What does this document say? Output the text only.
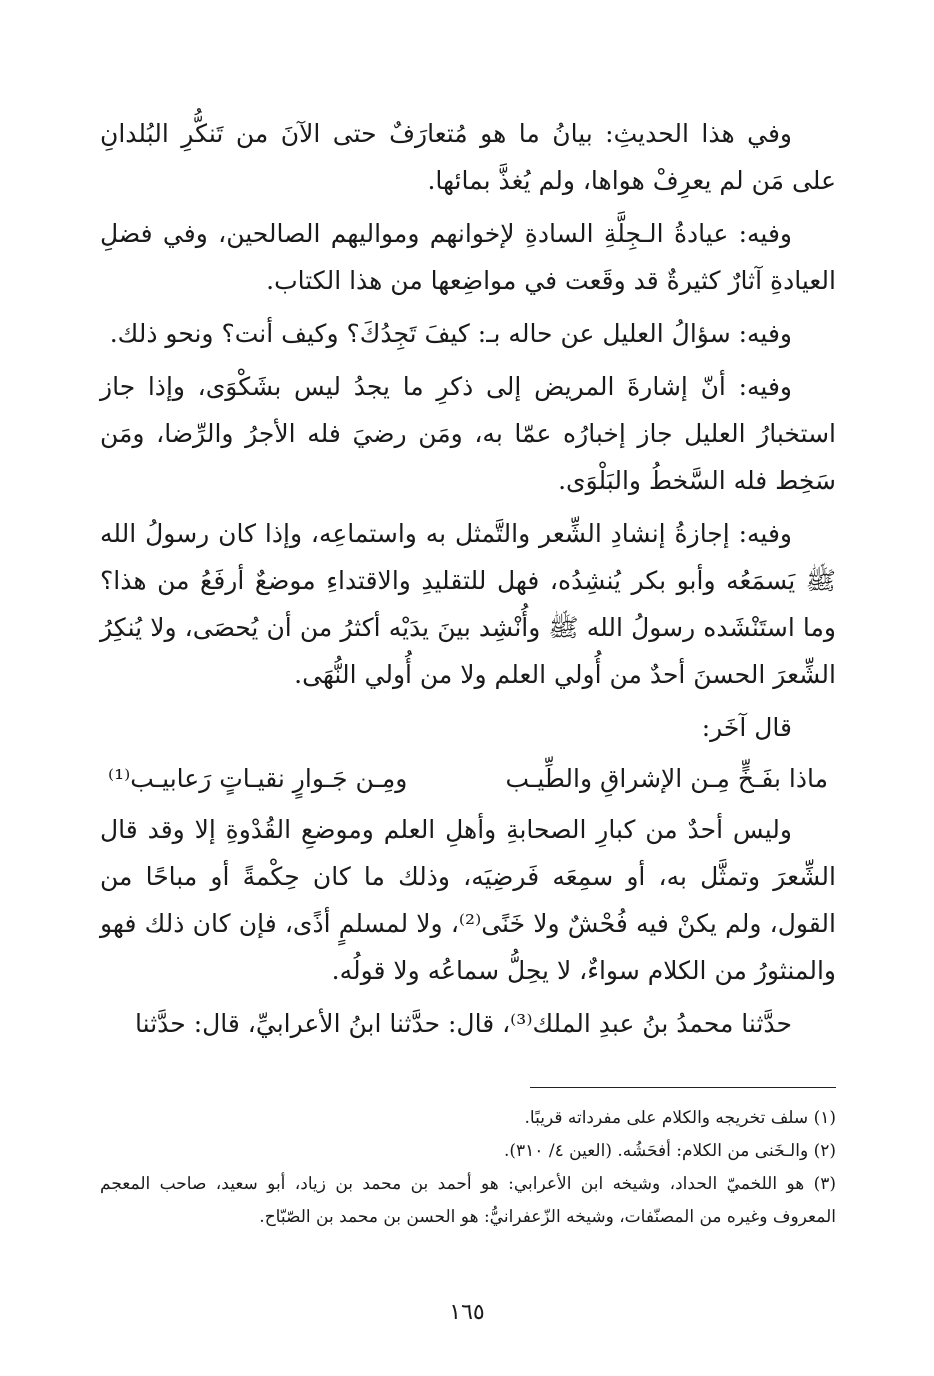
وفي هذا الحديثِ: بيانُ ما هو مُتعارَفٌ حتى الآنَ من تَنكُّرِ البُلدانِ على مَن لم يعرِفْ هواها، ولم يُغذَّ بمائها.

وفيه: عيادةُ الـجِلَّةِ السادةِ لإخوانهم ومواليهم الصالحين، وفي فضلِ العيادةِ آثارٌ كثيرةٌ قد وقَعت في مواضِعها من هذا الكتاب.

وفيه: سؤالُ العليل عن حاله بـ: كيفَ تَجِدُكَ؟ وكيف أنت؟ ونحو ذلك.

وفيه: أنّ إشارةَ المريض إلى ذكرِ ما يجدُ ليس بشَكْوَى، وإذا جاز استخبارُ العليل جاز إخبارُه عمّا به، ومَن رضيَ فله الأجرُ والرِّضا، ومَن سَخِط فله السَّخطُ والبَلْوَى.

وفيه: إجازةُ إنشادِ الشِّعر والتَّمثل به واستماعِه، وإذا كان رسولُ الله ﷺ يَسمَعُه وأبو بكر يُنشِدُه، فهل للتقليدِ والاقتداءِ موضعٌ أرفَعُ من هذا؟ وما استَنْشَده رسولُ الله ﷺ وأُنْشِد بينَ يدَيْه أكثرُ من أن يُحصَى، ولا يُنكِرُ الشِّعرَ الحسنَ أحدٌ من أُولي العلم ولا من أُولي النُّهَى.

قال آخَر:

ماذا بفَـخٍّ مِـن الإشراقِ والطِّيـب
ومِـن جَـوارٍ نقيـاتٍ رَعابيـب⁽¹⁾

وليس أحدٌ من كبارِ الصحابةِ وأهلِ العلم وموضعِ القُدْوةِ إلا وقد قال الشِّعرَ وتمثَّل به، أو سمِعَه فَرضِيَه، وذلك ما كان حِكْمةً أو مباحًا من القول، ولم يكنْ فيه فُحْشٌ ولا خَنًى⁽²⁾، ولا لمسلمٍ أذًى، فإن كان ذلك فهو والمنثورُ من الكلام سواءٌ، لا يحِلُّ سماعُه ولا قولُه.

حدَّثنا محمدُ بنُ عبدِ الملك⁽³⁾، قال: حدَّثنا ابنُ الأعرابيِّ، قال: حدَّثنا

(١) سلف تخريجه والكلام على مفرداته قريبًا.

(٢) والـخَنى من الكلام: أفحَشُه. (العين ٤/ ٣١٠).

(٣) هو اللخميّ الحداد، وشيخه ابن الأعرابي: هو أحمد بن محمد بن زياد، أبو سعيد، صاحب المعجم المعروف وغيره من المصنّفات، وشيخه الزّعفرانيُّ: هو الحسن بن محمد بن الصّبّاح.

١٦٥
